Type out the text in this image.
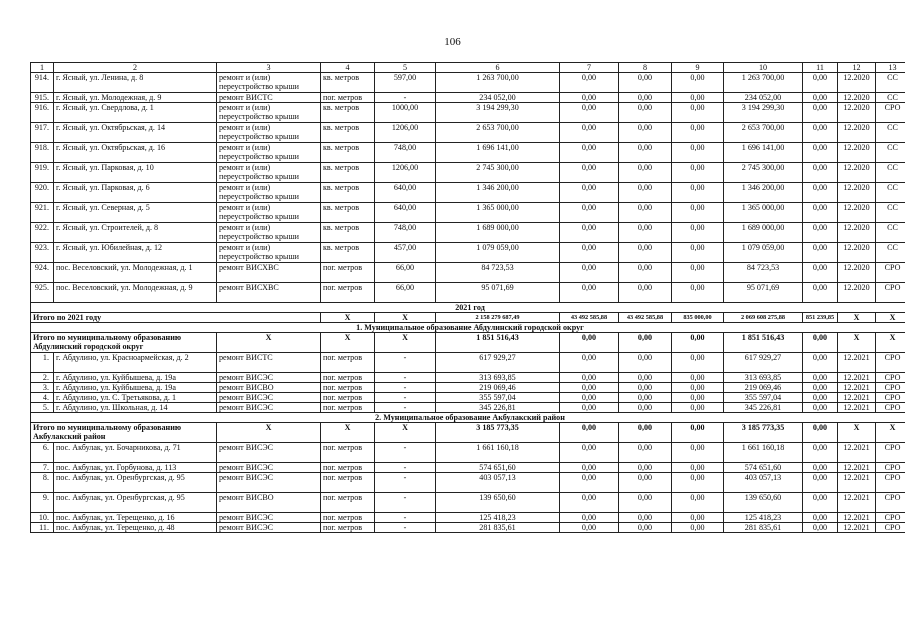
106
1	2	3	4	5	6	7	8	9	10	11	12	13
914.	г. Ясный, ул. Ленина, д. 8	ремонт и (или) переустройство крыши	кв. метров	597,00	1 263 700,00	0,00	0,00	0,00	1 263 700,00	0,00	12.2020	СС
915.	г. Ясный, ул. Молодежная, д. 9	ремонт ВИСТС	пог. метров	-	234 052,00	0,00	0,00	0,00	234 052,00	0,00	12.2020	СС
916.	г. Ясный, ул. Свердлова, д. 1	ремонт и (или) переустройство крыши	кв. метров	1000,00	3 194 299,30	0,00	0,00	0,00	3 194 299,30	0,00	12.2020	СРО
917.	г. Ясный, ул. Октябрьская, д. 14	ремонт и (или) переустройство крыши	кв. метров	1206,00	2 653 700,00	0,00	0,00	0,00	2 653 700,00	0,00	12.2020	СС
918.	г. Ясный, ул. Октябрьская, д. 16	ремонт и (или) переустройство крыши	кв. метров	748,00	1 696 141,00	0,00	0,00	0,00	1 696 141,00	0,00	12.2020	СС
919.	г. Ясный, ул. Парковая, д. 10	ремонт и (или) переустройство крыши	кв. метров	1206,00	2 745 300,00	0,00	0,00	0,00	2 745 300,00	0,00	12.2020	СС
920.	г. Ясный, ул. Парковая, д. 6	ремонт и (или) переустройство крыши	кв. метров	640,00	1 346 200,00	0,00	0,00	0,00	1 346 200,00	0,00	12.2020	СС
921.	г. Ясный, ул. Северная, д. 5	ремонт и (или) переустройство крыши	кв. метров	640,00	1 365 000,00	0,00	0,00	0,00	1 365 000,00	0,00	12.2020	СС
922.	г. Ясный, ул. Строителей, д. 8	ремонт и (или) переустройство крыши	кв. метров	748,00	1 689 000,00	0,00	0,00	0,00	1 689 000,00	0,00	12.2020	СС
923.	г. Ясный, ул. Юбилейная, д. 12	ремонт и (или) переустройство крыши	кв. метров	457,00	1 079 059,00	0,00	0,00	0,00	1 079 059,00	0,00	12.2020	СС
924.	пос. Веселовский, ул. Молодежная, д. 1	ремонт ВИСХВС	пог. метров	66,00	84 723,53	0,00	0,00	0,00	84 723,53	0,00	12.2020	СРО
925.	пос. Веселовский, ул. Молодежная, д. 9	ремонт ВИСХВС	пог. метров	66,00	95 071,69	0,00	0,00	0,00	95 071,69	0,00	12.2020	СРО
2021 год												
Итого по 2021 году			X	X	2 158 279 687,49	43 492 585,88	43 492 585,88	835 000,00	2 069 608 275,88	851 239,85	X	X
1. Муниципальное образование Абдулинский городской округ												
Итого по муниципальному образованию Абдулинский городской округ		X	X	X	1 851 516,43	0,00	0,00	0,00	1 851 516,43	0,00	X	X
1.	г. Абдулино, ул. Красноармейская, д. 2	ремонт ВИСТС	пог. метров	-	617 929,27	0,00	0,00	0,00	617 929,27	0,00	12.2021	СРО
2.	г. Абдулино, ул. Куйбышева, д. 19а	ремонт ВИСЭС	пог. метров	-	313 693,85	0,00	0,00	0,00	313 693,85	0,00	12.2021	СРО
3.	г. Абдулино, ул. Куйбышева, д. 19а	ремонт ВИСВО	пог. метров	-	219 069,46	0,00	0,00	0,00	219 069,46	0,00	12.2021	СРО
4.	г. Абдулино, ул. С. Третьякова, д. 1	ремонт ВИСЭС	пог. метров	-	355 597,04	0,00	0,00	0,00	355 597,04	0,00	12.2021	СРО
5.	г. Абдулино, ул. Школьная, д. 14	ремонт ВИСЭС	пог. метров	-	345 226,81	0,00	0,00	0,00	345 226,81	0,00	12.2021	СРО
2. Муниципальное образование Акбулакский район												
Итого по муниципальному образованию Акбулакский район		X	X	X	3 185 773,35	0,00	0,00	0,00	3 185 773,35	0,00	X	X
6.	пос. Акбулак, ул. Бочарникова, д. 71	ремонт ВИСЭС	пог. метров	-	1 661 160,18	0,00	0,00	0,00	1 661 160,18	0,00	12.2021	СРО
7.	пос. Акбулак, ул. Горбунова, д. 113	ремонт ВИСЭС	пог. метров	-	574 651,60	0,00	0,00	0,00	574 651,60	0,00	12.2021	СРО
8.	пос. Акбулак, ул. Оренбургская, д. 95	ремонт ВИСЭС	пог. метров	-	403 057,13	0,00	0,00	0,00	403 057,13	0,00	12.2021	СРО
9.	пос. Акбулак, ул. Оренбургская, д. 95	ремонт ВИСВО	пог. метров	-	139 650,60	0,00	0,00	0,00	139 650,60	0,00	12.2021	СРО
10.	пос. Акбулак, ул. Терещенко, д. 16	ремонт ВИСЭС	пог. метров	-	125 418,23	0,00	0,00	0,00	125 418,23	0,00	12.2021	СРО
11.	пос. Акбулак, ул. Терещенко, д. 48	ремонт ВИСЭС	пог. метров	-	281 835,61	0,00	0,00	0,00	281 835,61	0,00	12.2021	СРО
